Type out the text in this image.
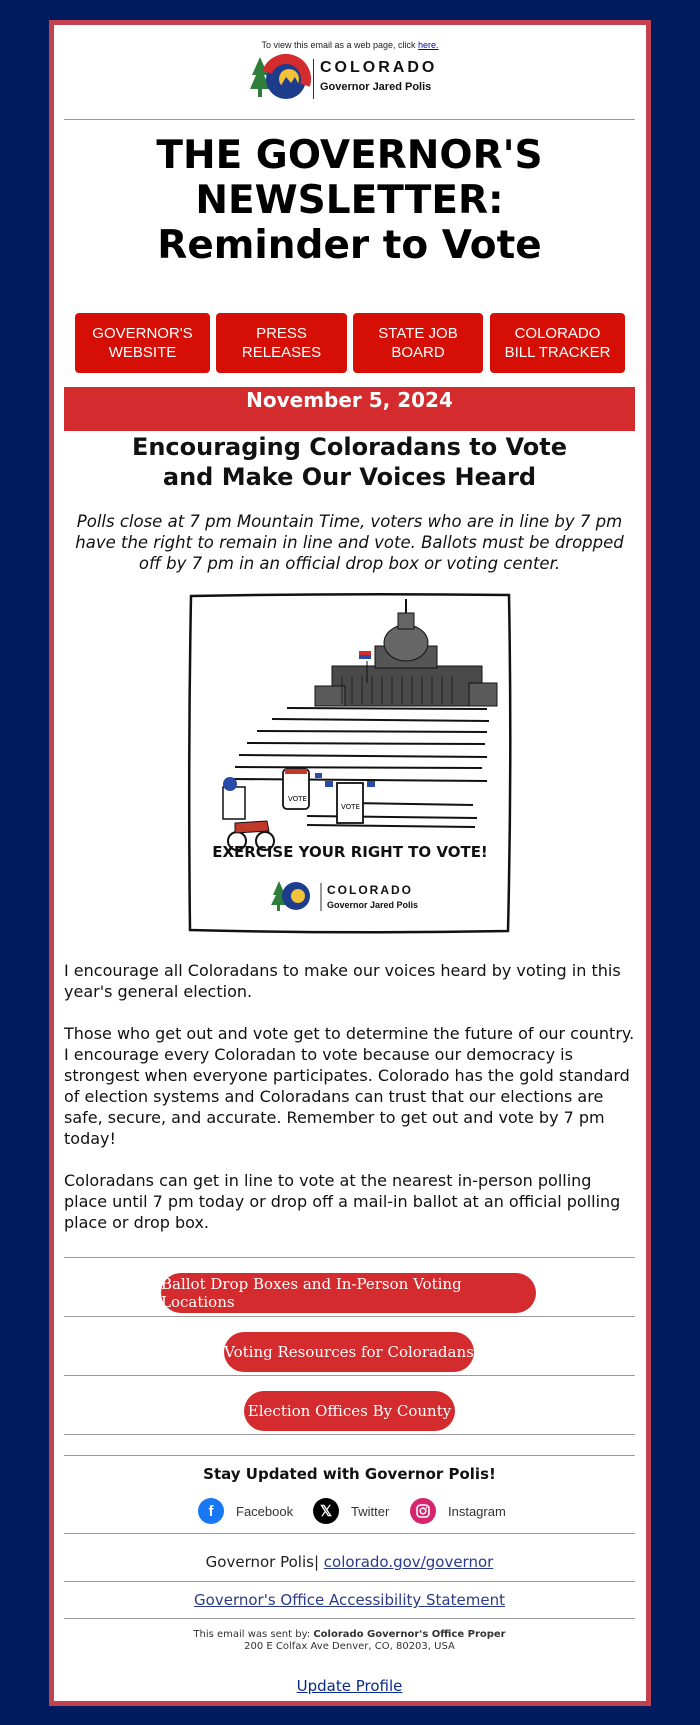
To view this email as a web page, click here.
COLORADO
Governor Jared Polis
THE GOVERNOR'S
NEWSLETTER:
Reminder to Vote
GOVERNOR'S
WEBSITE
PRESS
RELEASES
STATE JOB
BOARD
COLORADO
BILL TRACKER
November 5, 2024
Encouraging Coloradans to Vote
and Make Our Voices Heard
Polls close at 7 pm Mountain Time, voters who are in line by 7 pm have the right to remain in line and vote. Ballots must be dropped off by 7 pm in an official drop box or voting center.
VOTE
VOTE
EXERCISE YOUR RIGHT TO VOTE!
COLORADO
Governor Jared Polis
I encourage all Coloradans to make our voices heard by voting in this year's general election.
Those who get out and vote get to determine the future of our country. I encourage every Coloradan to vote because our democracy is strongest when everyone participates. Colorado has the gold standard of election systems and Coloradans can trust that our elections are safe, secure, and accurate. Remember to get out and vote by 7 pm today!
Coloradans can get in line to vote at the nearest in-person polling place until 7 pm today or drop off a mail-in ballot at an official polling place or drop box.
Ballot Drop Boxes and In-Person Voting Locations
Voting Resources for Coloradans
Election Offices By County
Stay Updated with Governor Polis!
f	Facebook	𝕏	Twitter	Instagram
Governor Polis| colorado.gov/governor
Governor's Office Accessibility Statement
This email was sent by: Colorado Governor's Office Proper
200 E Colfax Ave Denver, CO, 80203, USA
Update Profile
